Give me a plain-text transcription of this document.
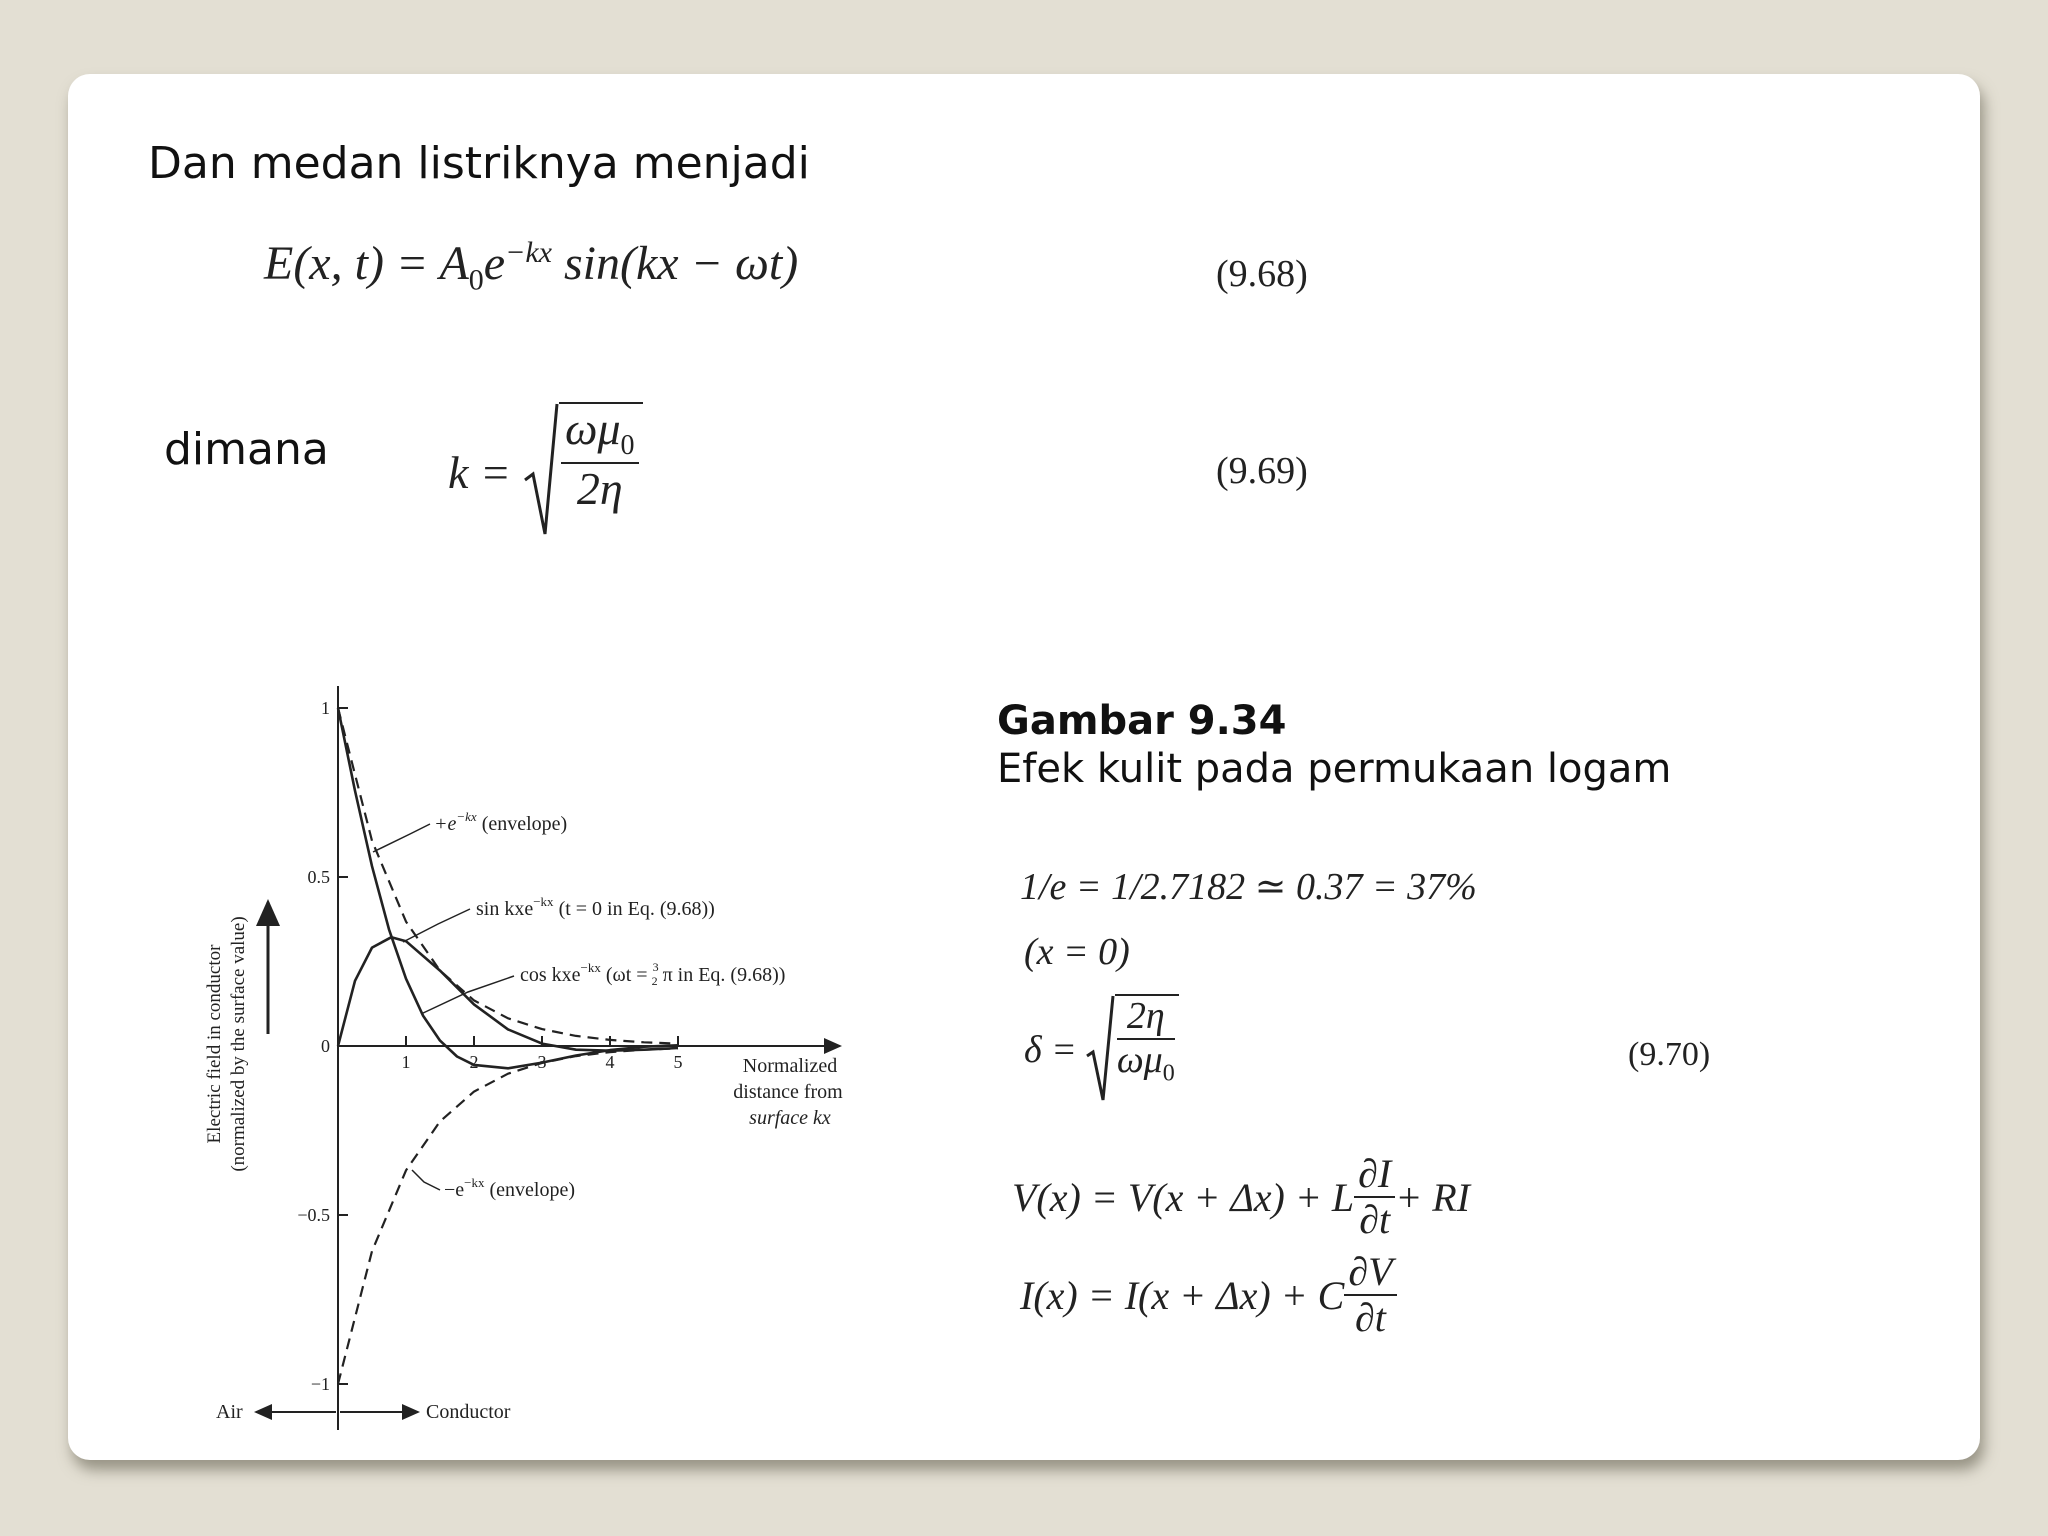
Dan medan listriknya menjadi
E(x, $t) = A_0e^{-kx}$ sin(kx − ωt)	(9.68)
dimana	$k = \frac{\omega\mu_0}{2\eta}$	(9.69)
Electric field in conductor (normalized by the surface value)
1
0.5
0
−0.5
−1
1	2	3	4	5
$+e^{-kx}$ (envelope)
sin kxe$^{-kx}$ (t = 0 in Eq. (9.68))
cos kxe$^{-kx}$ (ωt = $^3$ 2 π in Eq. (9.68))
$-e^{-kx}$ (envelope)
Normalized
distance from
surface kx
Air	Conductor
Gambar 9.34
Efek kulit pada permukaan logam
1/e = 1/2.7182 ≃ 0.37 = 37%
(x = 0)
$\delta = \frac{2\eta}{\omega\mu_0}$	(9.70)
V(x) = V(x + Δx) + L $\frac{\partial I}{\partial t}$ + RI
I(x) = I(x + Δx) + C $\frac{\partial V}{\partial t}$
